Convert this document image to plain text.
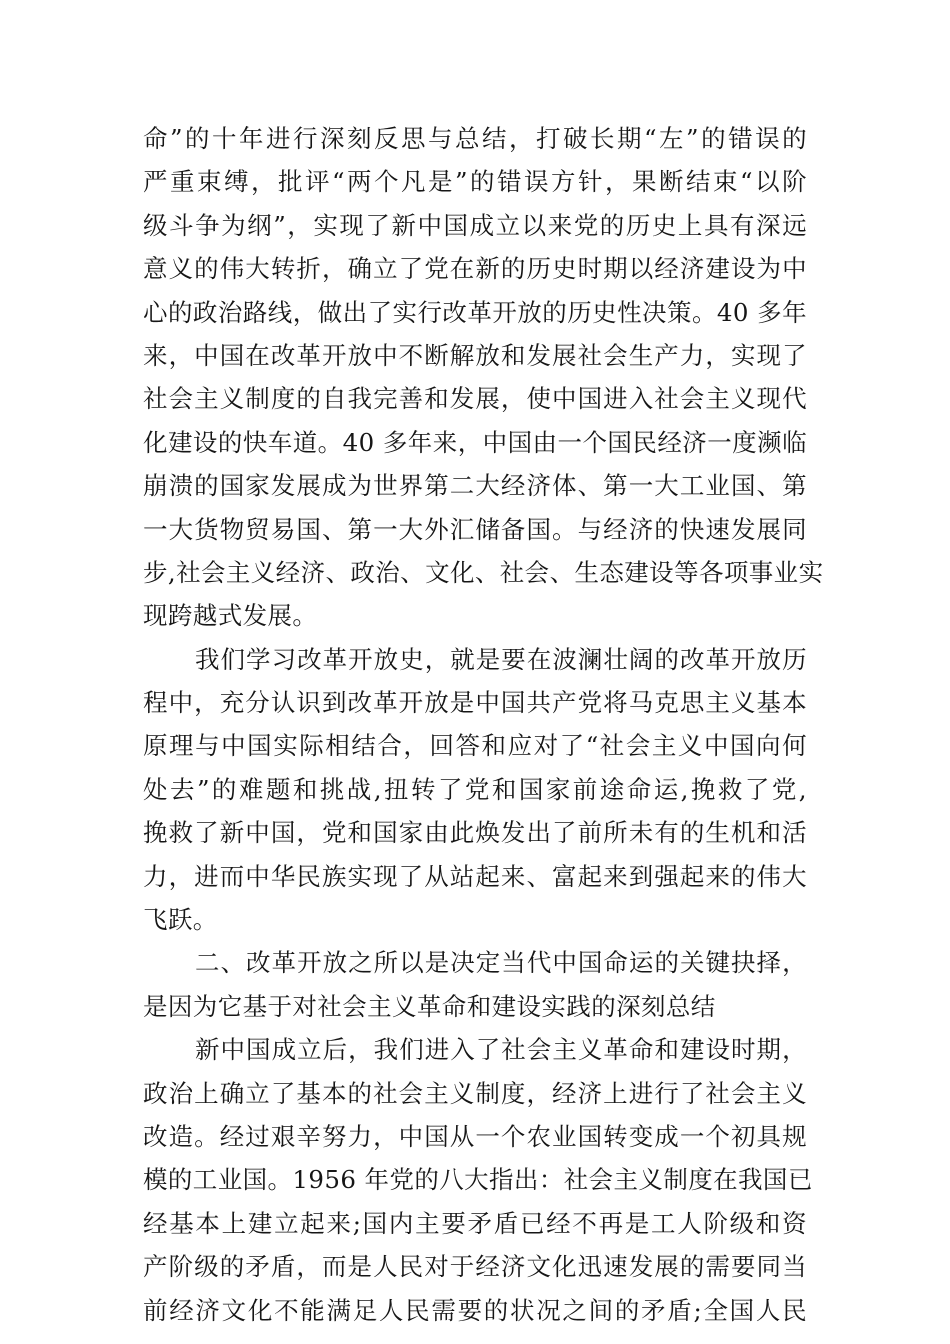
命”的十年进行深刻反思与总结，打破长期“左”的错误的
严重束缚，批评“两个凡是”的错误方针，果断结束“以阶
级斗争为纲”，实现了新中国成立以来党的历史上具有深远
意义的伟大转折，确立了党在新的历史时期以经济建设为中
心的政治路线，做出了实行改革开放的历史性决策。40 多年
来，中国在改革开放中不断解放和发展社会生产力，实现了
社会主义制度的自我完善和发展，使中国进入社会主义现代
化建设的快车道。40 多年来，中国由一个国民经济一度濒临
崩溃的国家发展成为世界第二大经济体、第一大工业国、第
一大货物贸易国、第一大外汇储备国。与经济的快速发展同
步,社会主义经济、政治、文化、社会、生态建设等各项事业实
现跨越式发展。
我们学习改革开放史，就是要在波澜壮阔的改革开放历
程中，充分认识到改革开放是中国共产党将马克思主义基本
原理与中国实际相结合，回答和应对了“社会主义中国向何
处去”的难题和挑战,扭转了党和国家前途命运,挽救了党,
挽救了新中国，党和国家由此焕发出了前所未有的生机和活
力，进而中华民族实现了从站起来、富起来到强起来的伟大
飞跃。
二、改革开放之所以是决定当代中国命运的关键抉择，
是因为它基于对社会主义革命和建设实践的深刻总结
新中国成立后，我们进入了社会主义革命和建设时期，
政治上确立了基本的社会主义制度，经济上进行了社会主义
改造。经过艰辛努力，中国从一个农业国转变成一个初具规
模的工业国。1956 年党的八大指出：社会主义制度在我国已
经基本上建立起来;国内主要矛盾已经不再是工人阶级和资
产阶级的矛盾，而是人民对于经济文化迅速发展的需要同当
前经济文化不能满足人民需要的状况之间的矛盾;全国人民
